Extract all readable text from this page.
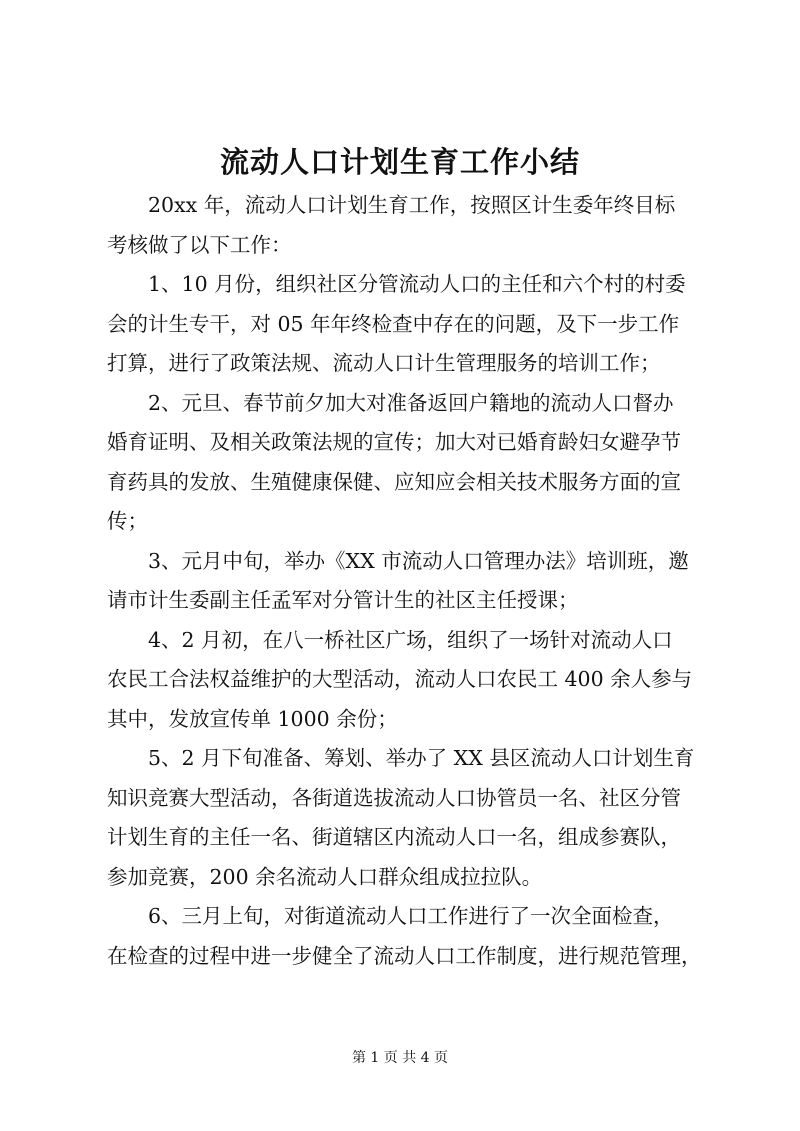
流动人口计划生育工作小结

　　20xx 年，流动人口计划生育工作，按照区计生委年终目标
考核做了以下工作：

　　1、10 月份，组织社区分管流动人口的主任和六个村的村委
会的计生专干，对 05 年年终检查中存在的问题，及下一步工作
打算，进行了政策法规、流动人口计生管理服务的培训工作；

　　2、元旦、春节前夕加大对准备返回户籍地的流动人口督办
婚育证明、及相关政策法规的宣传；加大对已婚育龄妇女避孕节
育药具的发放、生殖健康保健、应知应会相关技术服务方面的宣
传；

　　3、元月中旬，举办《XX 市流动人口管理办法》培训班，邀
请市计生委副主任孟军对分管计生的社区主任授课；

　　4、2 月初，在八一桥社区广场，组织了一场针对流动人口
农民工合法权益维护的大型活动，流动人口农民工 400 余人参与
其中，发放宣传单 1000 余份；

　　5、2 月下旬准备、筹划、举办了 XX 县区流动人口计划生育
知识竞赛大型活动，各街道选拔流动人口协管员一名、社区分管
计划生育的主任一名、街道辖区内流动人口一名，组成参赛队，
参加竞赛，200 余名流动人口群众组成拉拉队。

　　6、三月上旬，对街道流动人口工作进行了一次全面检查，
在检查的过程中进一步健全了流动人口工作制度，进行规范管理，

第 1 页 共 4 页
